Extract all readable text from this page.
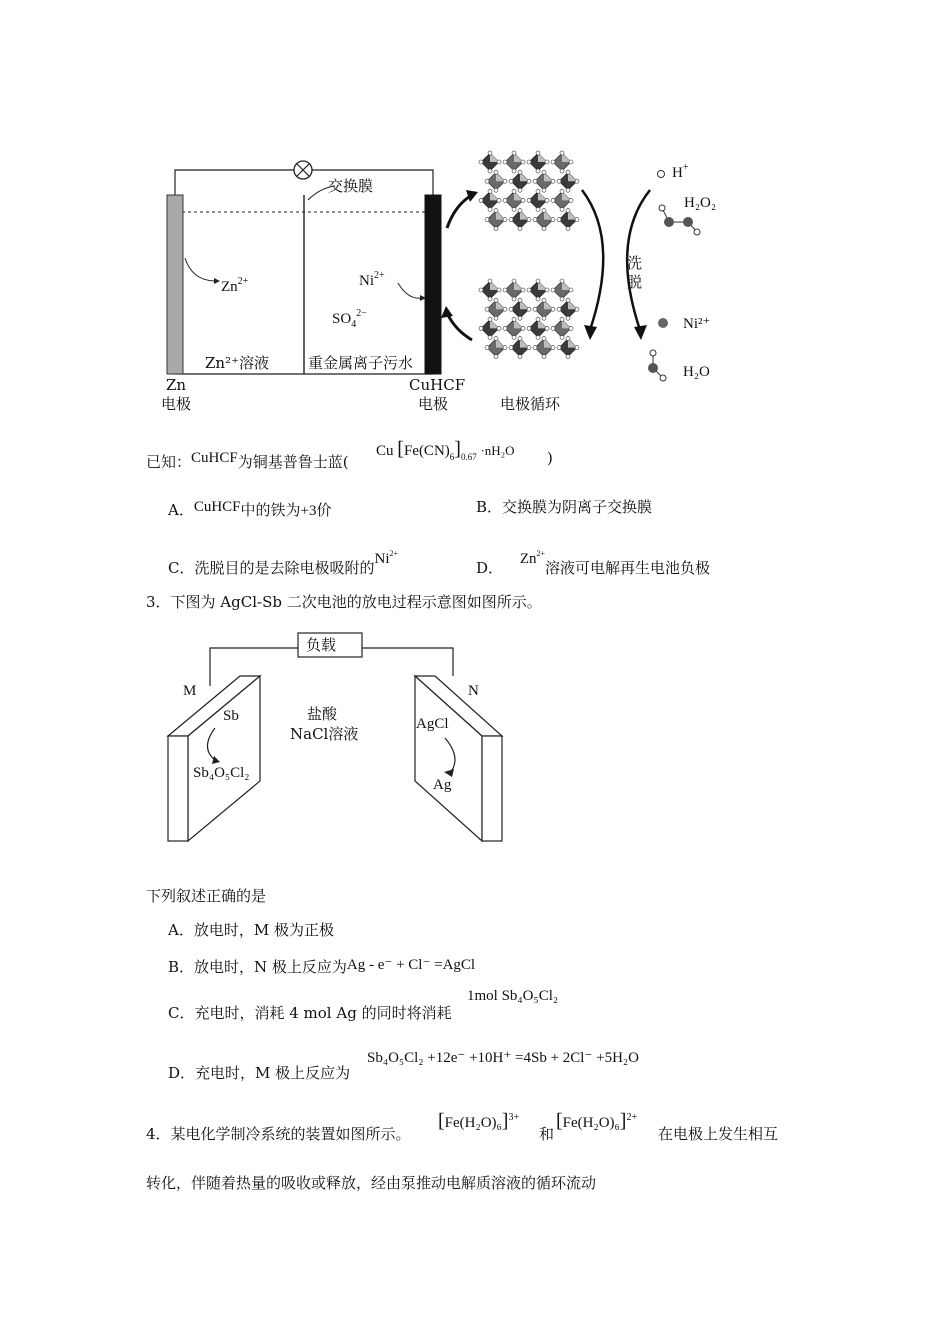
交换膜
$Zn^{2+}$	$Ni^{2+}$
$SO_4^{2-}$
Zn²⁺溶液	重金属离子污水
Zn
电极
CuHCF
电极	电极循环
洗
脱
H+
H₂O₂
Ni²⁺
H₂O
已知：CuHCF为铜基普鲁士蓝(
Cu $[Fe(CN)_6]_{0.67} \cdot nH_2O$ )
A．CuHCF中的铁为+3价	B．交换膜为阴离子交换膜
C．洗脱目的是去除电极吸附的$Ni^{2+}$
D． $Zn^{2+}$溶液可电解再生电池负极
3．下图为 AgCl-Sb 二次电池的放电过程示意图如图所示。
负载
M	N
盐酸
NaCl溶液
Sb
Sb₄O₅Cl₂
AgCl
Ag
下列叙述正确的是
A．放电时，M 极为正极
B．放电时，N 极上反应为Ag - e⁻ + Cl⁻ =AgCl
C．充电时，消耗 4 mol Ag 的同时将消耗
1mol Sb₄O₅Cl₂
D．充电时，M 极上反应为
Sb₄O₅Cl₂ +12e⁻ +10H⁺ =4Sb + 2Cl⁻ +5H₂O
4．某电化学制冷系统的装置如图所示。
$[Fe(H_2O)_6]^{3+}$
和
$[Fe(H_2O)_6]^{2+}$
在电极上发生相互
转化，伴随着热量的吸收或释放，经由泵推动电解质溶液的循环流动
